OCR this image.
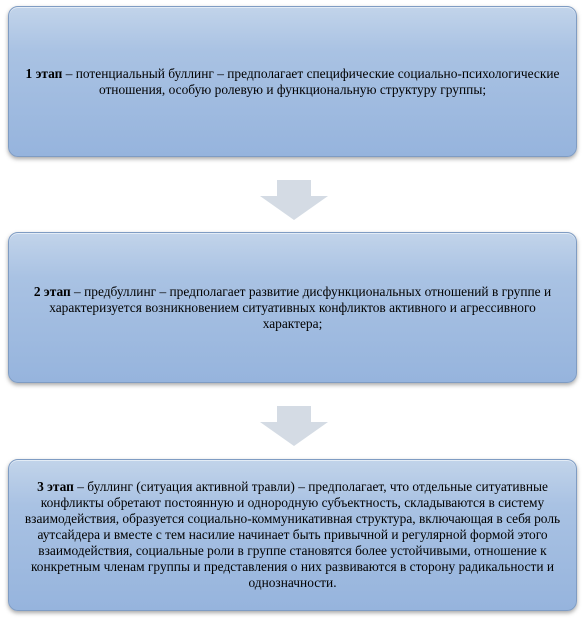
1 этап – потенциальный буллинг – предполагает специфические социально-психологические отношения, особую ролевую и функциональную структуру группы;

2 этап – предбуллинг – предполагает развитие дисфункциональных отношений в группе и характеризуется возникновением ситуативных конфликтов активного и агрессивного характера;

3 этап – буллинг (ситуация активной травли) – предполагает, что отдельные ситуативные конфликты обретают постоянную и однородную субъектность, складываются в систему взаимодействия, образуется социально-коммуникативная структура, включающая в себя роль аутсайдера и вместе с тем насилие начинает быть привычной и регулярной формой этого взаимодействия, социальные роли в группе становятся более устойчивыми, отношение к конкретным членам группы и представления о них развиваются в сторону радикальности и однозначности.
